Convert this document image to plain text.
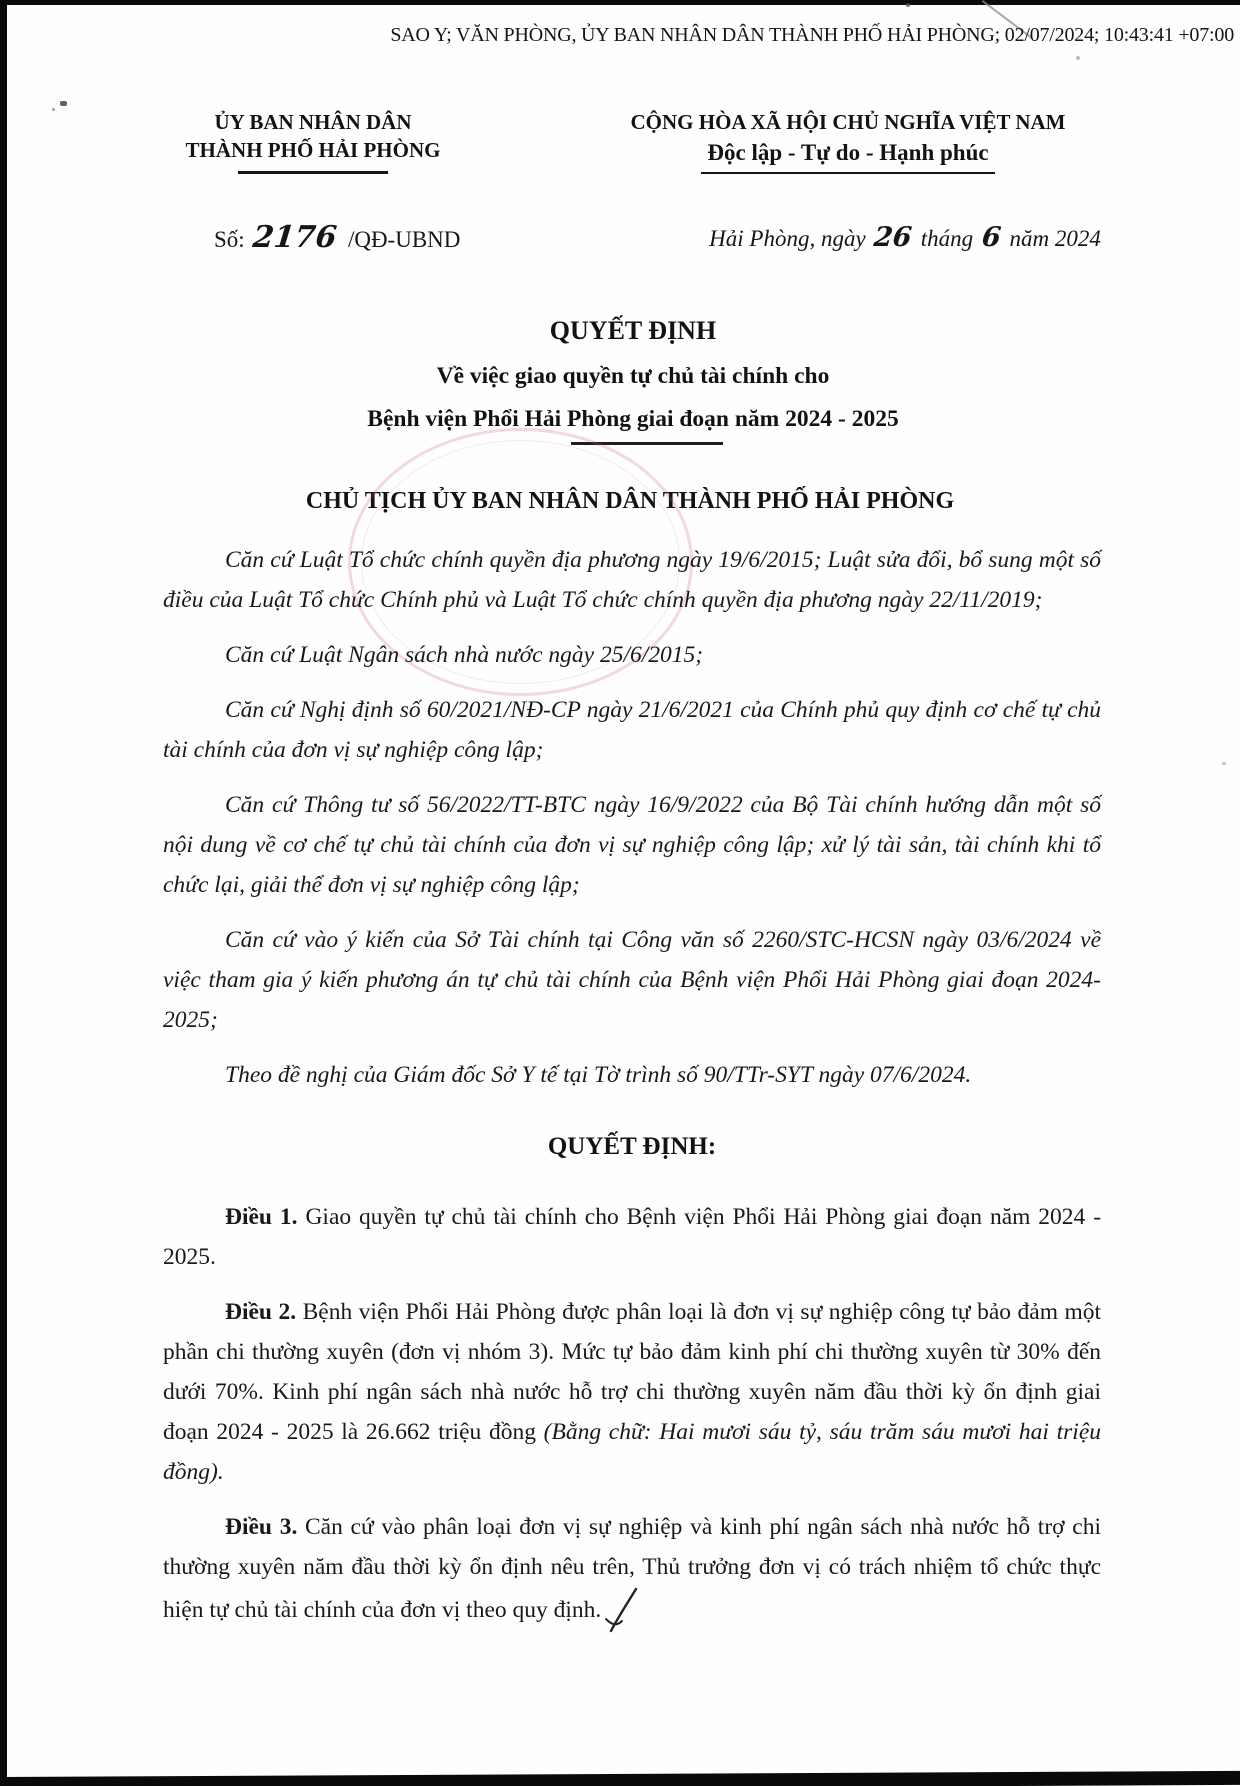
SAO Y; VĂN PHÒNG, ỦY BAN NHÂN DÂN THÀNH PHỐ HẢI PHÒNG; 02/07/2024; 10:43:41 +07:00
ỦY BAN NHÂN DÂN
THÀNH PHỐ HẢI PHÒNG
Số: 2176 /QĐ-UBND
CỘNG HÒA XÃ HỘI CHỦ NGHĨA VIỆT NAM
Độc lập - Tự do - Hạnh phúc
Hải Phòng, ngày 26 tháng 6 năm 2024
QUYẾT ĐỊNH
Về việc giao quyền tự chủ tài chính cho
Bệnh viện Phổi Hải Phòng giai đoạn năm 2024 - 2025
CHỦ TỊCH ỦY BAN NHÂN DÂN THÀNH PHỐ HẢI PHÒNG

Căn cứ Luật Tổ chức chính quyền địa phương ngày 19/6/2015; Luật sửa đổi, bổ sung một số điều của Luật Tổ chức Chính phủ và Luật Tổ chức chính quyền địa phương ngày 22/11/2019;

Căn cứ Luật Ngân sách nhà nước ngày 25/6/2015;

Căn cứ Nghị định số 60/2021/NĐ-CP ngày 21/6/2021 của Chính phủ quy định cơ chế tự chủ tài chính của đơn vị sự nghiệp công lập;

Căn cứ Thông tư số 56/2022/TT-BTC ngày 16/9/2022 của Bộ Tài chính hướng dẫn một số nội dung về cơ chế tự chủ tài chính của đơn vị sự nghiệp công lập; xử lý tài sản, tài chính khi tổ chức lại, giải thể đơn vị sự nghiệp công lập;

Căn cứ vào ý kiến của Sở Tài chính tại Công văn số 2260/STC-HCSN ngày 03/6/2024 về việc tham gia ý kiến phương án tự chủ tài chính của Bệnh viện Phổi Hải Phòng giai đoạn 2024-2025;

Theo đề nghị của Giám đốc Sở Y tế tại Tờ trình số 90/TTr-SYT ngày 07/6/2024.

QUYẾT ĐỊNH:

Điều 1. Giao quyền tự chủ tài chính cho Bệnh viện Phổi Hải Phòng giai đoạn năm 2024 - 2025.

Điều 2. Bệnh viện Phổi Hải Phòng được phân loại là đơn vị sự nghiệp công tự bảo đảm một phần chi thường xuyên (đơn vị nhóm 3). Mức tự bảo đảm kinh phí chi thường xuyên từ 30% đến dưới 70%. Kinh phí ngân sách nhà nước hỗ trợ chi thường xuyên năm đầu thời kỳ ổn định giai đoạn 2024 - 2025 là 26.662 triệu đồng (Bằng chữ: Hai mươi sáu tỷ, sáu trăm sáu mươi hai triệu đồng).

Điều 3. Căn cứ vào phân loại đơn vị sự nghiệp và kinh phí ngân sách nhà nước hỗ trợ chi thường xuyên năm đầu thời kỳ ổn định nêu trên, Thủ trưởng đơn vị có trách nhiệm tổ chức thực hiện tự chủ tài chính của đơn vị theo quy định.
